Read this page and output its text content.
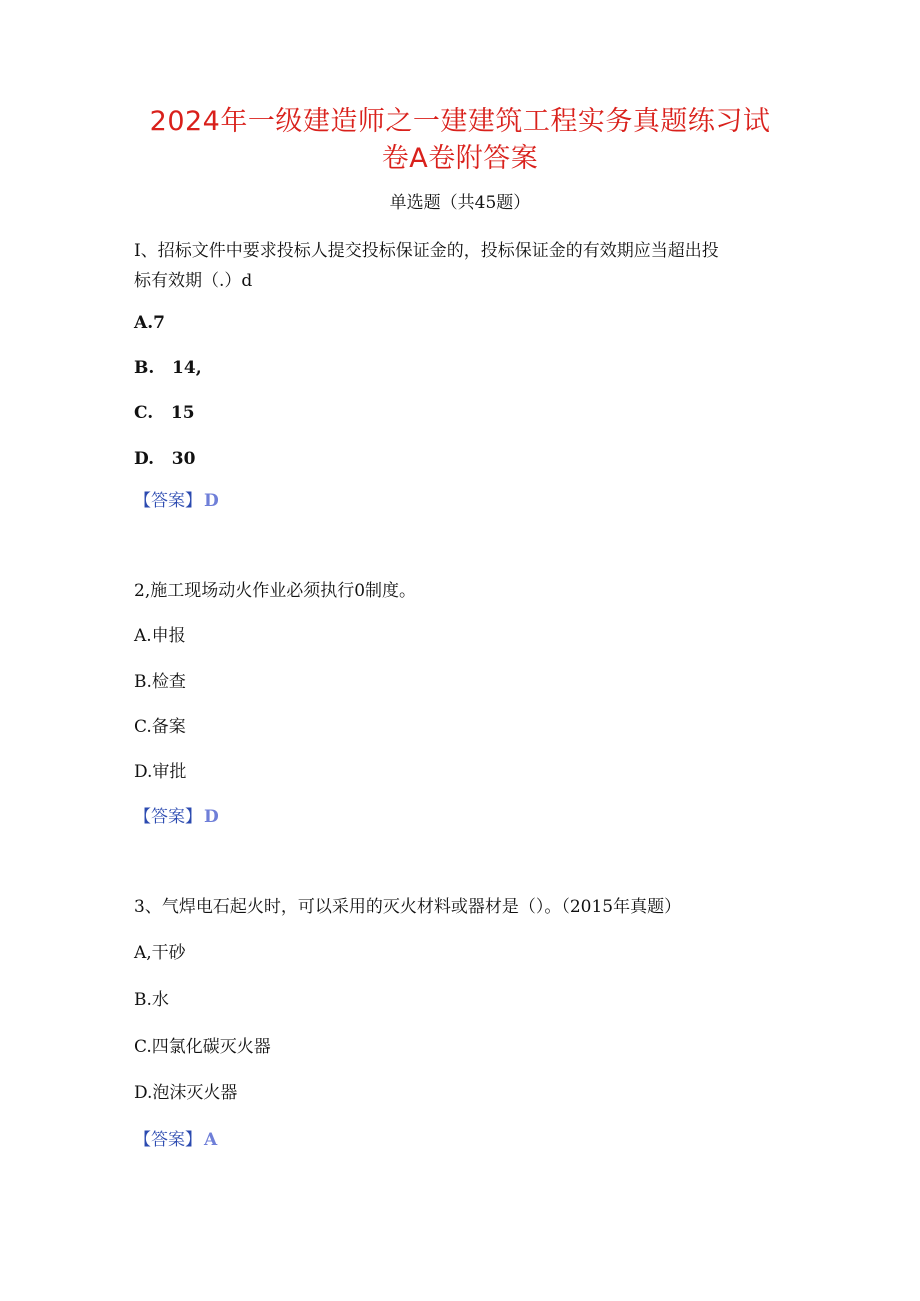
2024年一级建造师之一建建筑工程实务真题练习试
卷A卷附答案
单选题（共45题）
I、招标文件中要求投标人提交投标保证金的，投标保证金的有效期应当超出投
标有效期（.）d
A.7
B.   14,
C.   15
D.   30
【答案】 D
2,施工现场动火作业必须执行0制度。
A.申报
B.检查
C.备案
D.审批
【答案】 D
3、气焊电石起火时，可以采用的灭火材料或器材是（）。（2015年真题）
A,干砂
B.水
C.四氯化碳灭火器
D.泡沫灭火器
【答案】 A
